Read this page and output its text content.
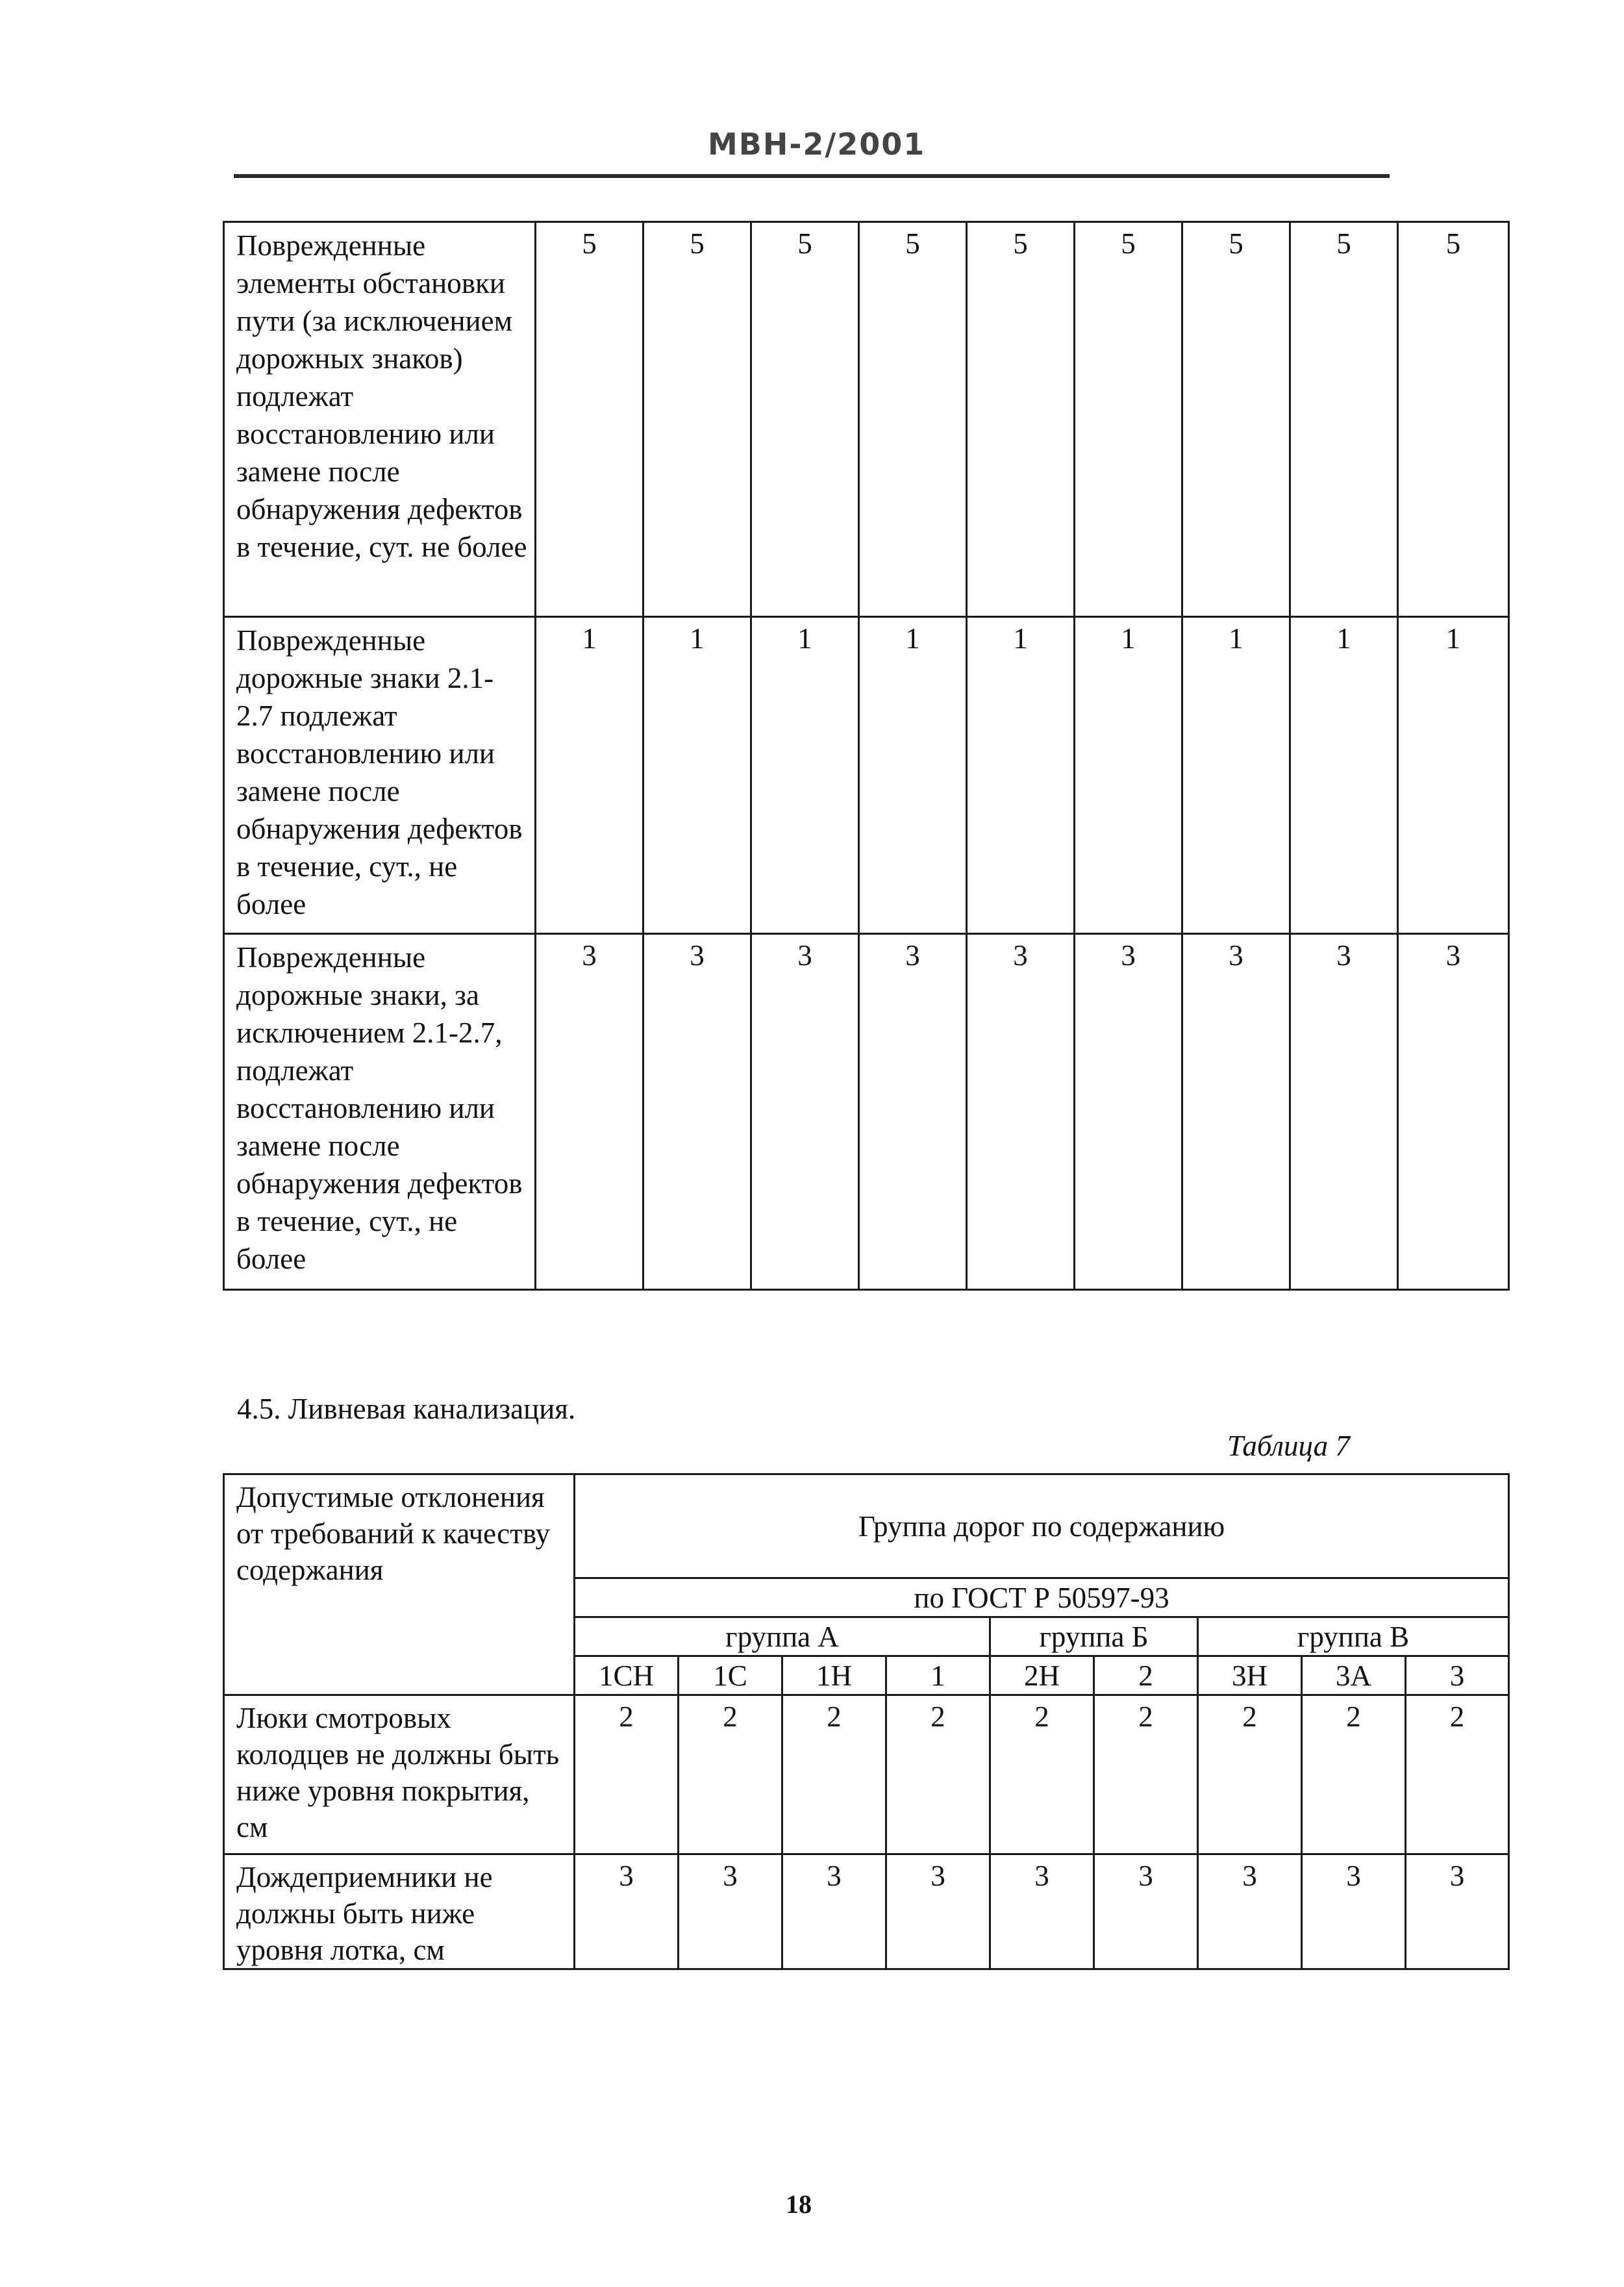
МВН-2/2001
Поврежденные элементы обстановки пути (за исключением дорожных знаков) подлежат восстановлению или замене после обнаружения дефектов в течение, сут. не более	5	5	5	5	5	5	5	5	5
Поврежденные дорожные знаки 2.1-2.7 подлежат восстановлению или замене после обнаружения дефектов в течение, сут., не более	1	1	1	1	1	1	1	1	1
Поврежденные дорожные знаки, за исключением 2.1-2.7, подлежат восстановлению или замене после обнаружения дефектов в течение, сут., не более	3	3	3	3	3	3	3	3	3
4.5. Ливневая канализация.
Таблица 7
Допустимые отклонения от требований к качеству содержания	Группа дорог по содержанию								
	по ГОСТ Р 50597-93								
	группа А				группа Б		группа В		
	1СН	1С	1Н	1	2Н	2	3Н	3А	3
Люки смотровых колодцев не должны быть ниже уровня покрытия, см	2	2	2	2	2	2	2	2	2
Дождеприемники не должны быть ниже уровня лотка, см	3	3	3	3	3	3	3	3	3
18
